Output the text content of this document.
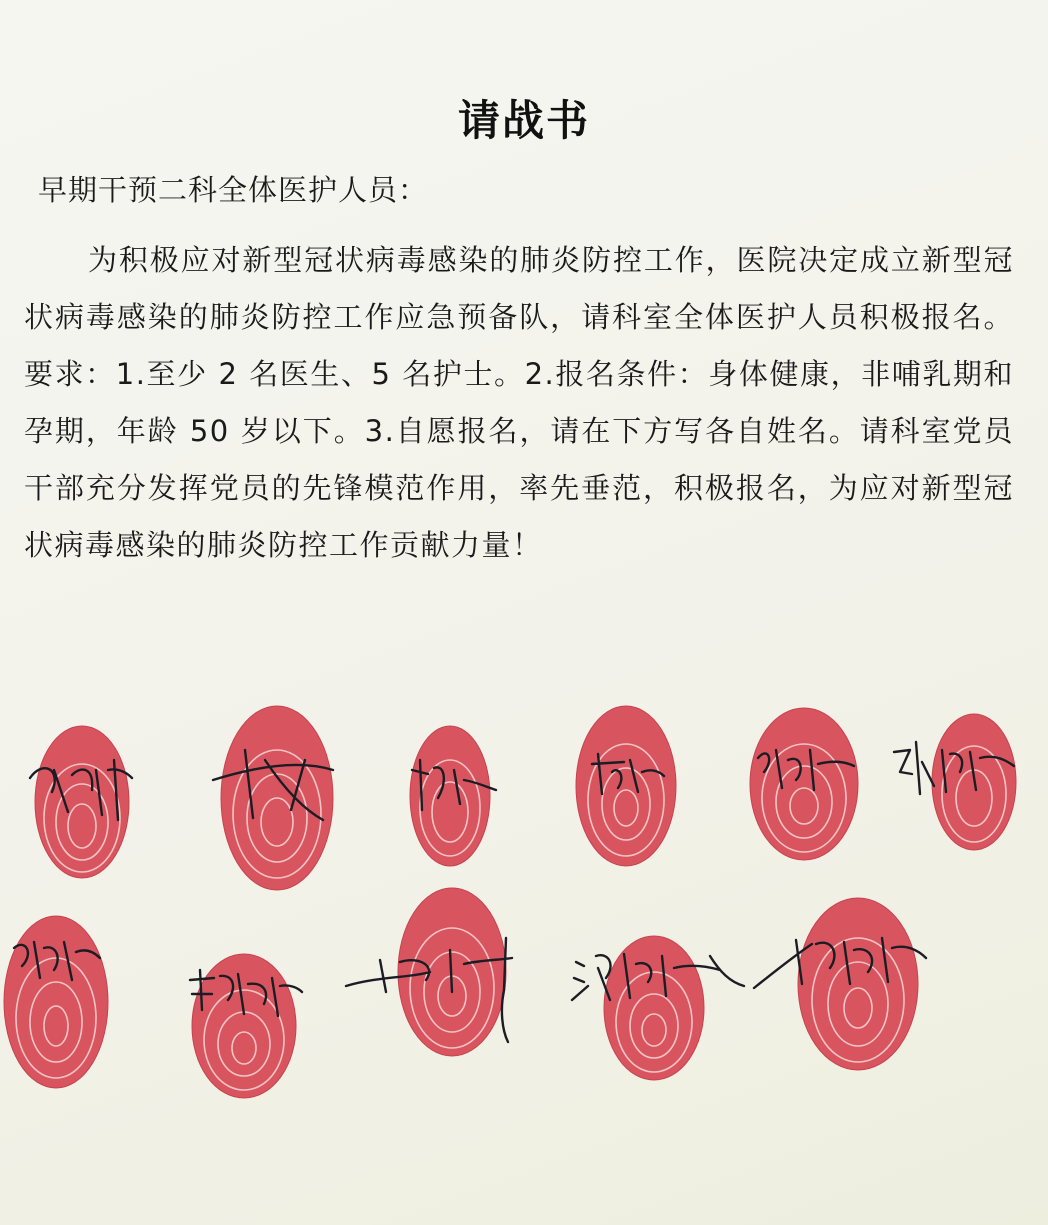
请战书
早期干预二科全体医护人员：
为积极应对新型冠状病毒感染的肺炎防控工作，医院决定成立新型冠状病毒感染的肺炎防控工作应急预备队，请科室全体医护人员积极报名。要求：1.至少 2 名医生、5 名护士。2.报名条件：身体健康，非哺乳期和孕期，年龄 50 岁以下。3.自愿报名，请在下方写各自姓名。请科室党员干部充分发挥党员的先锋模范作用，率先垂范，积极报名，为应对新型冠状病毒感染的肺炎防控工作贡献力量！
